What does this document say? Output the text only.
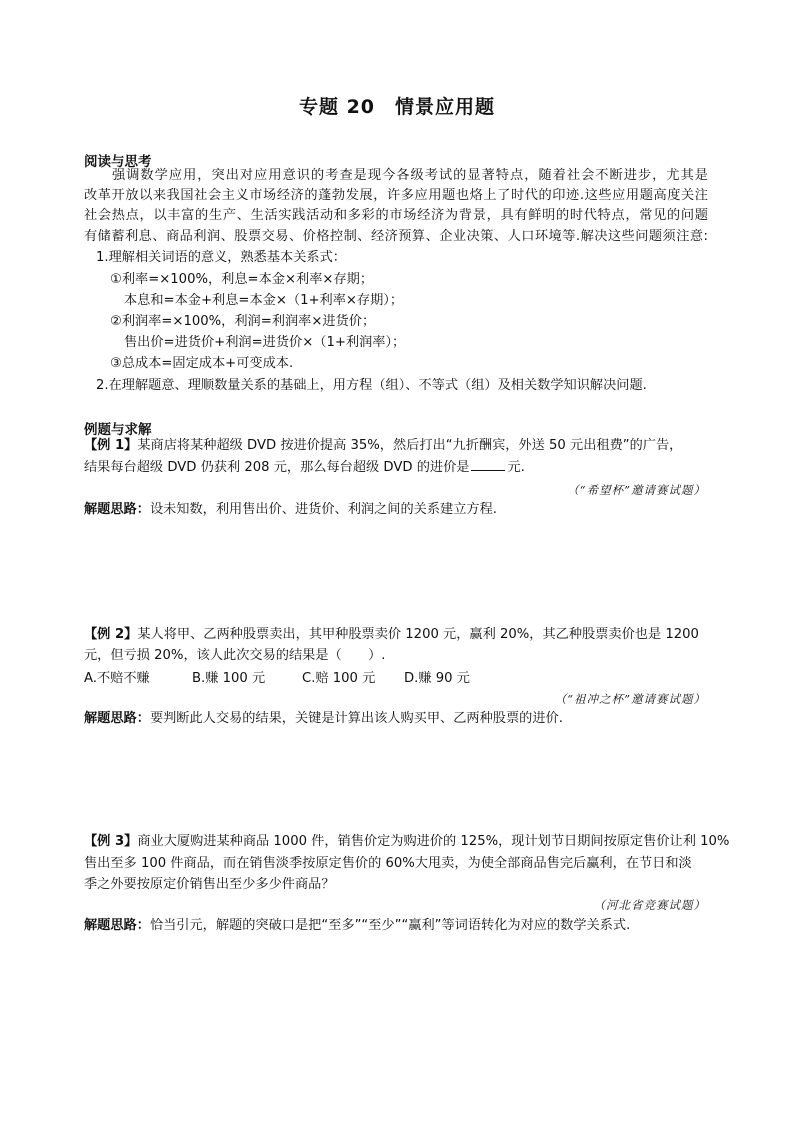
专题 20　情景应用题
阅读与思考
强调数学应用，突出对应用意识的考查是现今各级考试的显著特点，随着社会不断进步，尤其是
改革开放以来我国社会主义市场经济的蓬勃发展，许多应用题也烙上了时代的印迹.这些应用题高度关注
社会热点，以丰富的生产、生活实践活动和多彩的市场经济为背景，具有鲜明的时代特点，常见的问题
有储蓄利息、商品利润、股票交易、价格控制、经济预算、企业决策、人口环境等.解决这些问题须注意:
1.理解相关词语的意义，熟悉基本关系式：
①利率=×100%，利息=本金×利率×存期；
本息和=本金+利息=本金×（1+利率×存期）；
②利润率=×100%，利润=利润率×进货价；
售出价=进货价+利润=进货价×（1+利润率）；
③总成本=固定成本+可变成本.
2.在理解题意、理顺数量关系的基础上，用方程（组）、不等式（组）及相关数学知识解决问题.
例题与求解
【例 1】某商店将某种超级 DVD 按进价提高 35%，然后打出“九折酬宾，外送 50 元出租费”的广告，
结果每台超级 DVD 仍获利 208 元，那么每台超级 DVD 的进价是	元.
（“希望杯”邀请赛试题）
解题思路：设未知数，利用售出价、进货价、利润之间的关系建立方程.
【例 2】某人将甲、乙两种股票卖出，其甲种股票卖价 1200 元，赢利 20%，其乙种股票卖价也是 1200
元，但亏损 20%，该人此次交易的结果是（　　）.
A.不赔不赚	B.赚 100 元	C.赔 100 元 D.赚 90 元
（“祖冲之杯”邀请赛试题）
解题思路：要判断此人交易的结果，关键是计算出该人购买甲、乙两种股票的进价.
【例 3】商业大厦购进某种商品 1000 件，销售价定为购进价的 125%，现计划节日期间按原定售价让利 10%
售出至多 100 件商品，而在销售淡季按原定售价的 60%大甩卖，为使全部商品售完后赢利，在节日和淡
季之外要按原定价销售出至少多少件商品？
（河北省竞赛试题）
解题思路：恰当引元，解题的突破口是把“至多”“至少”“赢利”等词语转化为对应的数学关系式.
